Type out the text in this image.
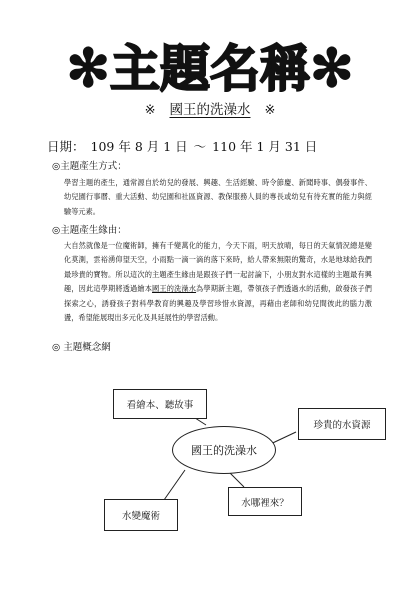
✻主題名稱✻
※ 國王的洗澡水 ※
日期： 109 年 8 月 1 日 ～ 110 年 1 月 31 日
◎主題產生方式：

學習主題的產生，通常源自於幼兒的發展、興趣、生活經驗、時令節慶、新聞時事、偶發事件、幼兒園行事曆、重大活動、幼兒園和社區資源、教保服務人員的專長或幼兒有待充實的能力與經驗等元素。

◎主題產生緣由：

大自然就像是一位魔術師，擁有千變萬化的能力，今天下雨，明天放晴，每日的天氣情況總是變化莫測，雲裕湧仰望天空，小雨點一滴一滴的落下來時，給人帶來無限的驚奇，水是地球給我們最珍貴的寶物。所以這次的主題產生緣由是跟孩子們一起討論下，小朋友對水這樣的主題最有興趣，因此這學期將透過繪本國王的洗澡水為學期新主題，帶領孩子們透過水的活動，啟發孩子們探索之心，誘發孩子對科學教育的興趣及學習珍惜水資源，再藉由老師和幼兒間彼此的腦力激盪，希望能展現出多元化及具延展性的學習活動。

◎ 主題概念網
國王的洗澡水
看繪本、聽故事
珍貴的水資源
水哪裡來？
水變魔術
